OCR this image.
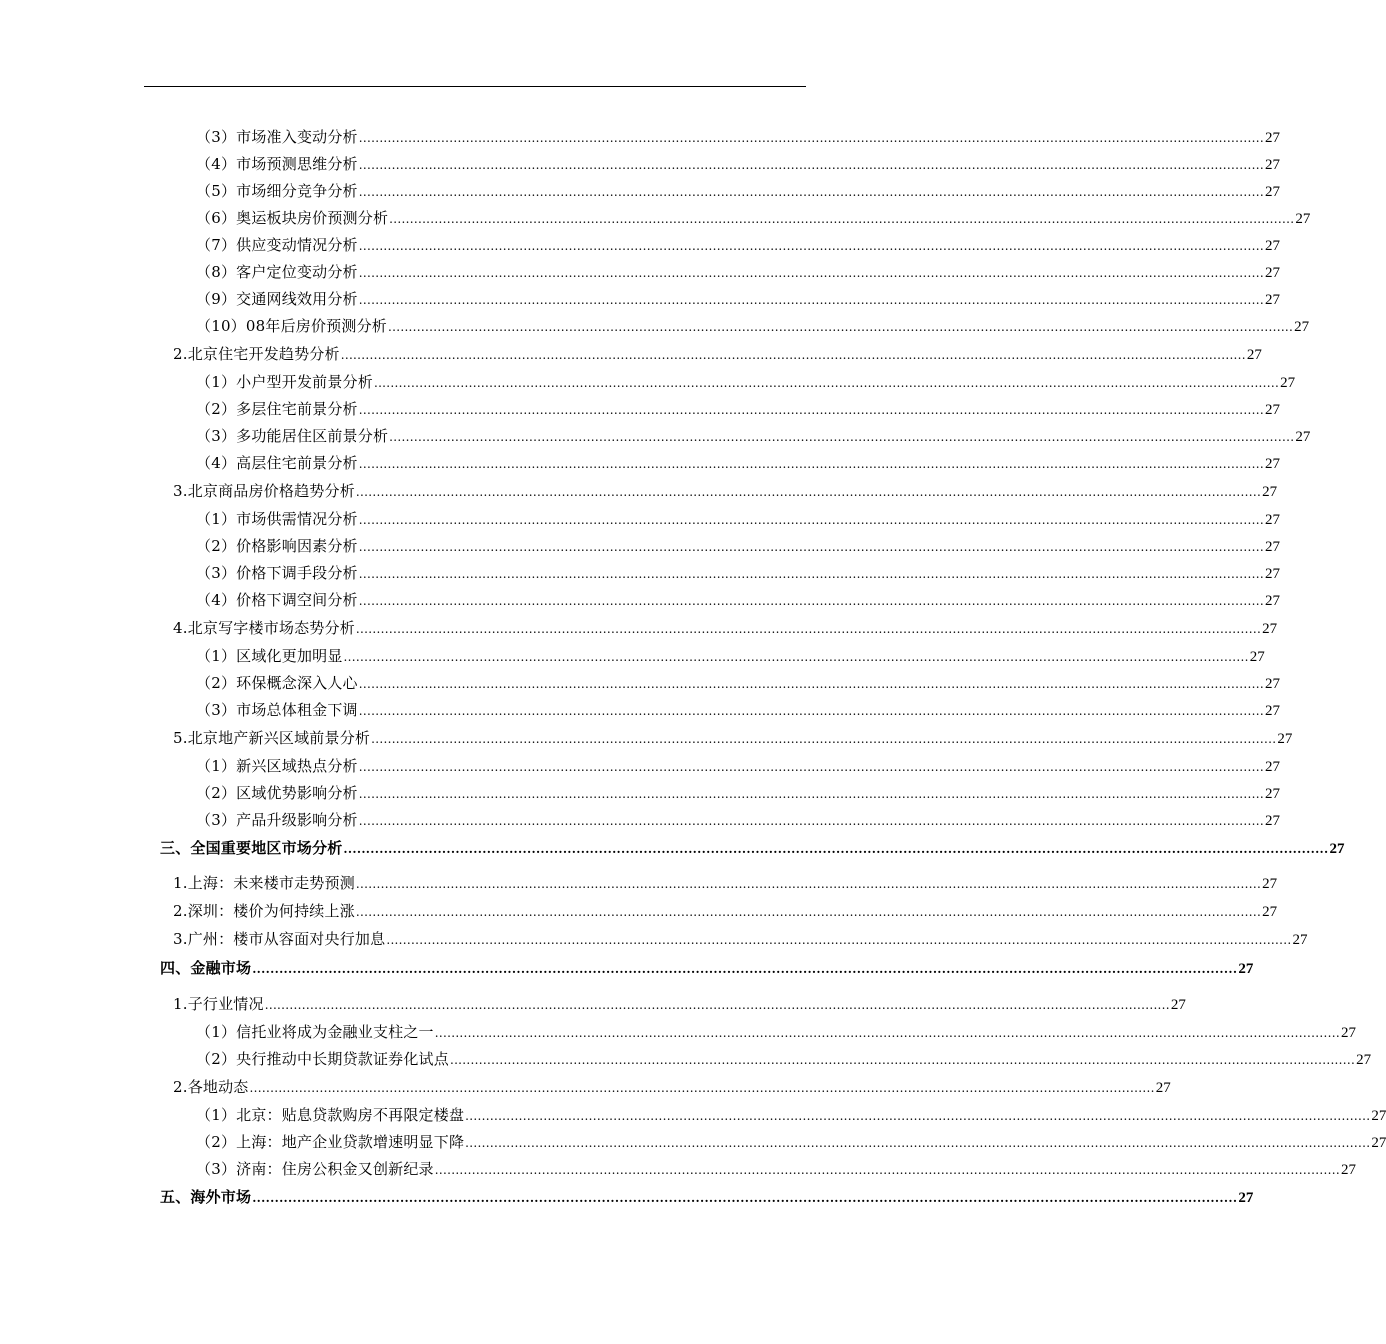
（3）市场准入变动分析 ............................................................................................................................................................................................................................ 27
（4）市场预测思维分析 ............................................................................................................................................................................................................................ 27
（5）市场细分竞争分析 ............................................................................................................................................................................................................................ 27
（6）奥运板块房价预测分析 ............................................................................................................................................................................................................................ 27
（7）供应变动情况分析 ............................................................................................................................................................................................................................ 27
（8）客户定位变动分析 ............................................................................................................................................................................................................................ 27
（9）交通网线效用分析 ............................................................................................................................................................................................................................ 27
（10）08年后房价预测分析 ............................................................................................................................................................................................................................ 27
2.北京住宅开发趋势分析 ............................................................................................................................................................................................................................ 27
（1）小户型开发前景分析 ............................................................................................................................................................................................................................ 27
（2）多层住宅前景分析 ............................................................................................................................................................................................................................ 27
（3）多功能居住区前景分析 ............................................................................................................................................................................................................................ 27
（4）高层住宅前景分析 ............................................................................................................................................................................................................................ 27
3.北京商品房价格趋势分析 ............................................................................................................................................................................................................................ 27
（1）市场供需情况分析 ............................................................................................................................................................................................................................ 27
（2）价格影响因素分析 ............................................................................................................................................................................................................................ 27
（3）价格下调手段分析 ............................................................................................................................................................................................................................ 27
（4）价格下调空间分析 ............................................................................................................................................................................................................................ 27
4.北京写字楼市场态势分析 ............................................................................................................................................................................................................................ 27
（1）区域化更加明显 ............................................................................................................................................................................................................................ 27
（2）环保概念深入人心 ............................................................................................................................................................................................................................ 27
（3）市场总体租金下调 ............................................................................................................................................................................................................................ 27
5.北京地产新兴区域前景分析 ............................................................................................................................................................................................................................ 27
（1）新兴区域热点分析 ............................................................................................................................................................................................................................ 27
（2）区域优势影响分析 ............................................................................................................................................................................................................................ 27
（3）产品升级影响分析 ............................................................................................................................................................................................................................ 27
三、全国重要地区市场分析 ............................................................................................................................................................................................................................ 27
1.上海：未来楼市走势预测 ............................................................................................................................................................................................................................ 27
2.深圳：楼价为何持续上涨 ............................................................................................................................................................................................................................ 27
3.广州：楼市从容面对央行加息 ............................................................................................................................................................................................................................ 27
四、金融市场 ............................................................................................................................................................................................................................ 27
1.子行业情况 ............................................................................................................................................................................................................................ 27
（1）信托业将成为金融业支柱之一 ............................................................................................................................................................................................................................ 27
（2）央行推动中长期贷款证券化试点 ............................................................................................................................................................................................................................ 27
2.各地动态 ............................................................................................................................................................................................................................ 27
（1）北京：贴息贷款购房不再限定楼盘 ............................................................................................................................................................................................................................ 27
（2）上海：地产企业贷款增速明显下降 ............................................................................................................................................................................................................................ 27
（3）济南：住房公积金又创新纪录 ............................................................................................................................................................................................................................ 27
五、海外市场 ............................................................................................................................................................................................................................ 27
